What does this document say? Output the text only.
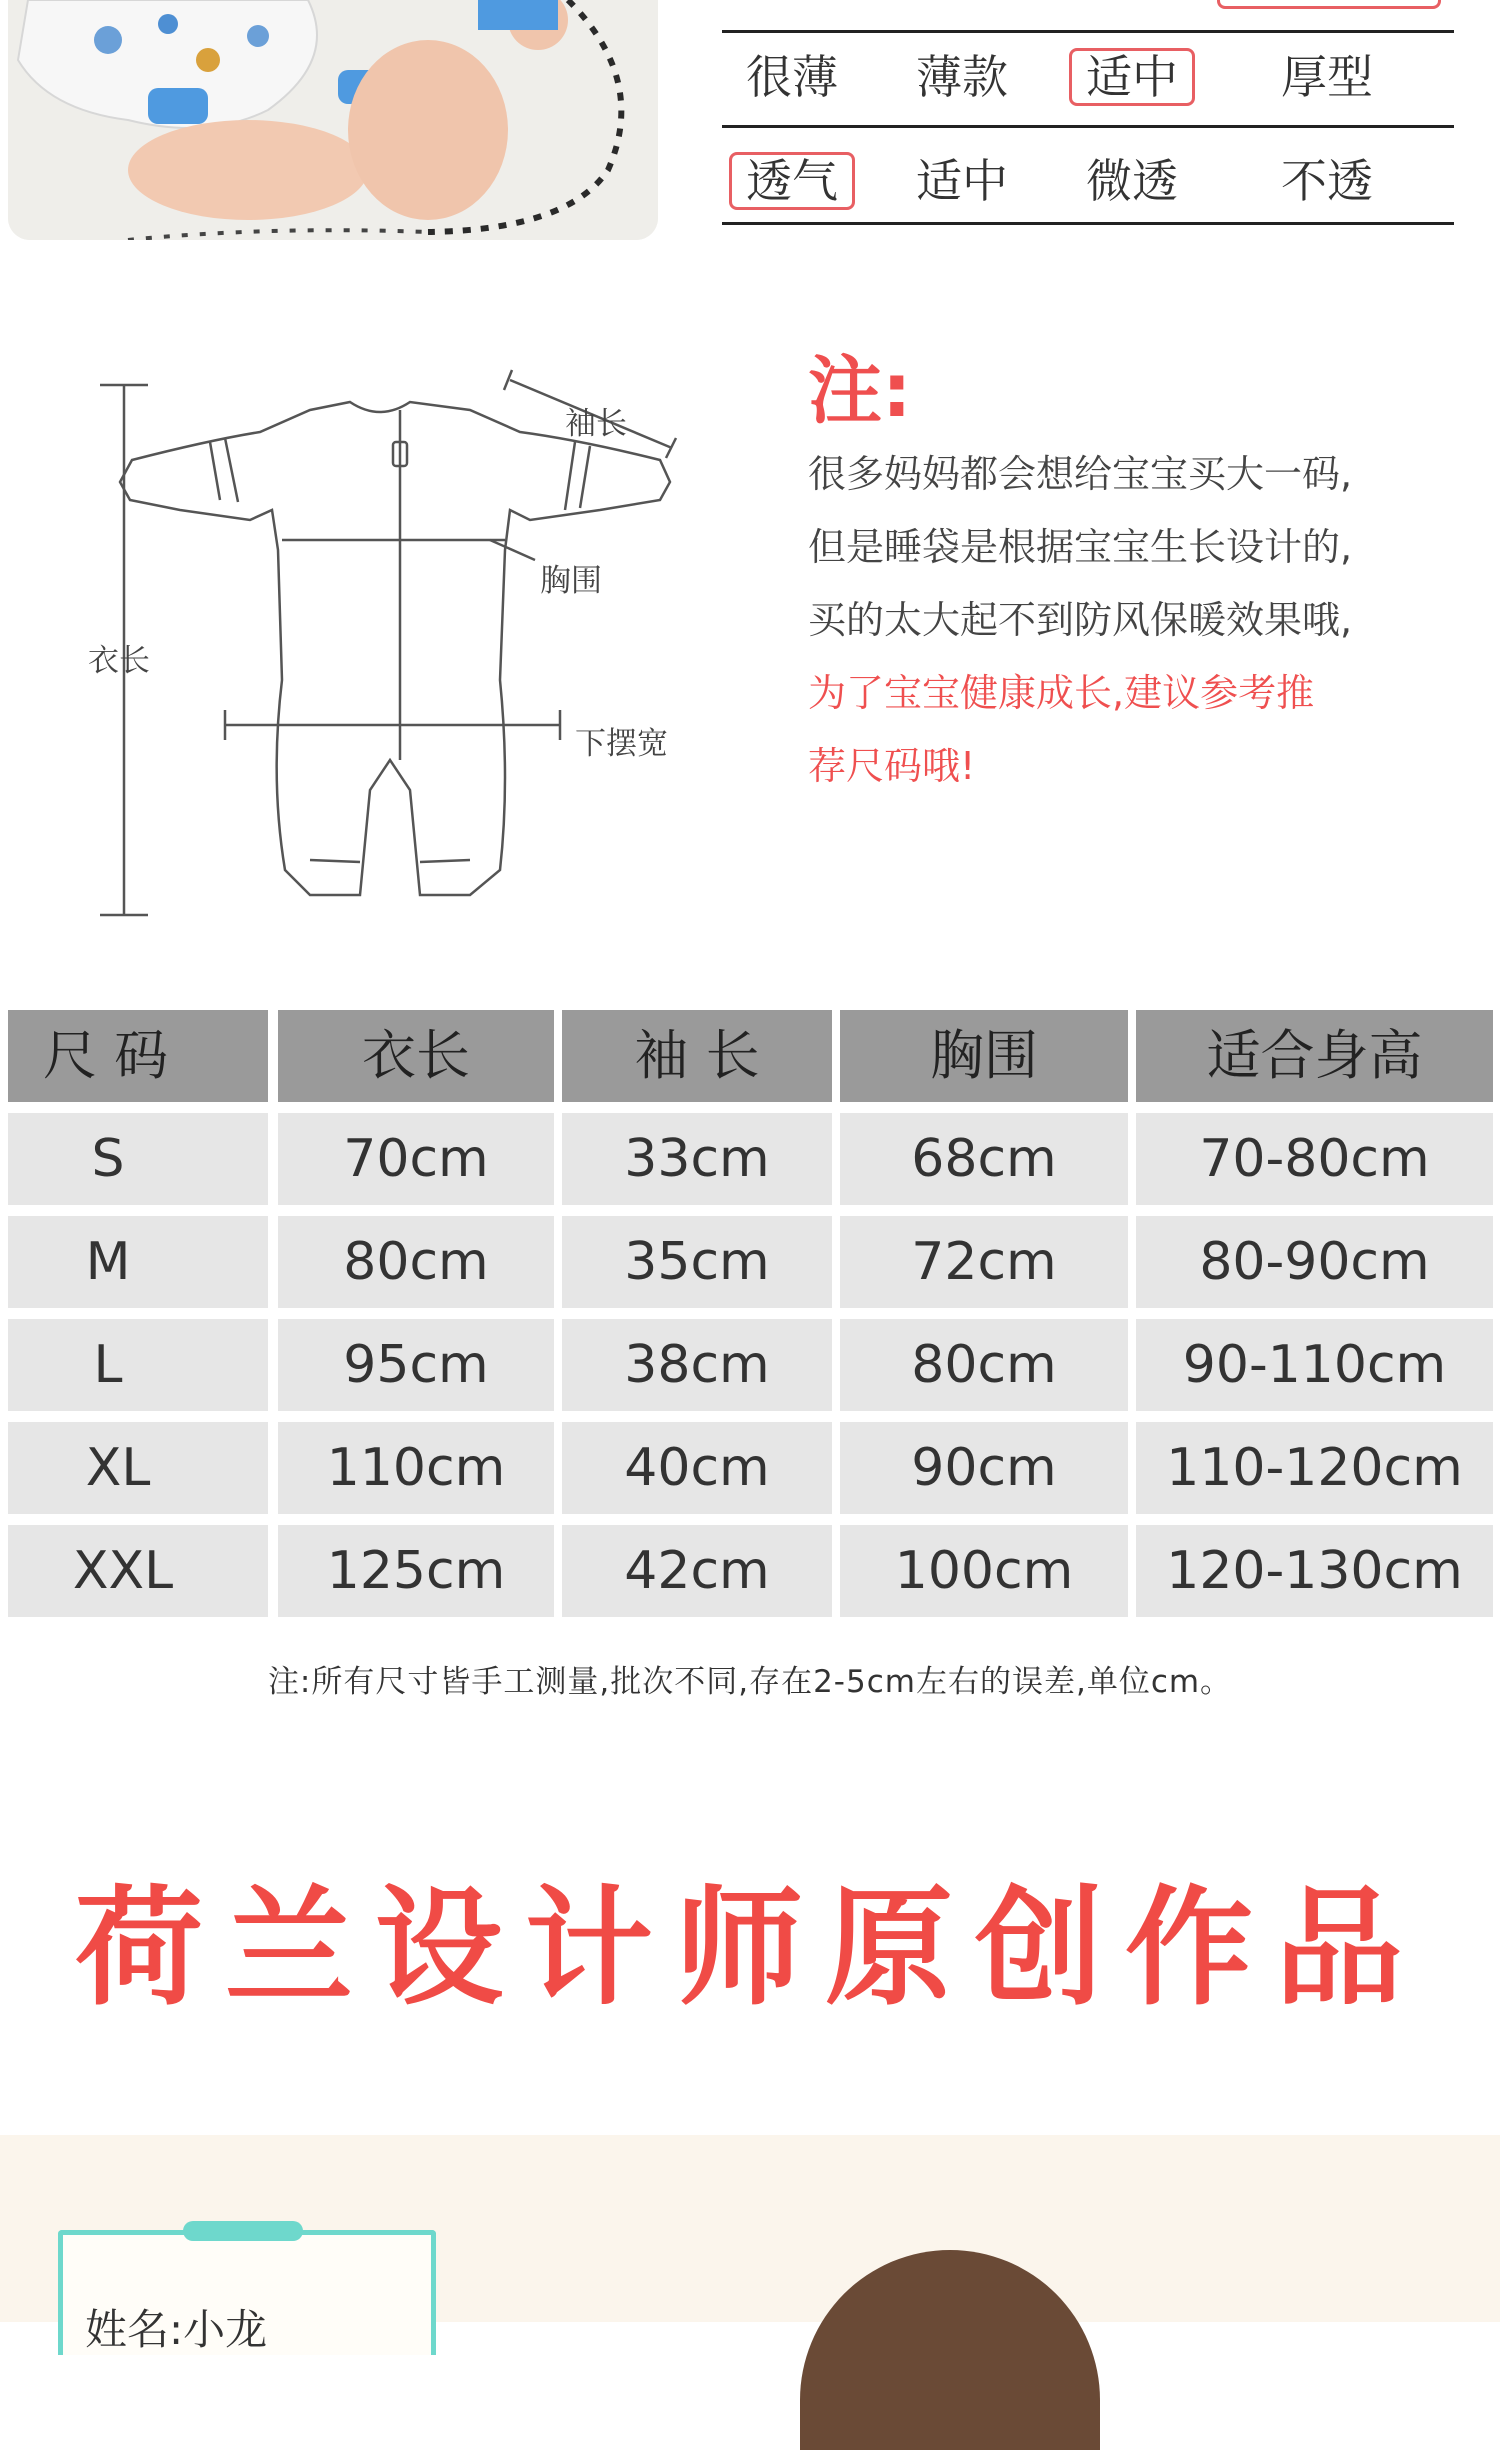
很薄	薄款	适中	厚型
透气	适中	微透	不透
袖长
胸围
衣长
下摆宽
注:
很多妈妈都会想给宝宝买大一码,
但是睡袋是根据宝宝生长设计的,
买的太大起不到防风保暖效果哦,
为了宝宝健康成长,建议参考推
荐尺码哦!
尺 码	衣长	袖 长	胸围	适合身高
S	70cm	33cm	68cm	70-80cm
M	80cm	35cm	72cm	80-90cm
L	95cm	38cm	80cm	90-110cm
XL	110cm	40cm	90cm	110-120cm
XXL	125cm	42cm	100cm	120-130cm
注:所有尺寸皆手工测量,批次不同,存在2-5cm左右的误差,单位cm。
荷兰设计师原创作品
姓名:小龙
